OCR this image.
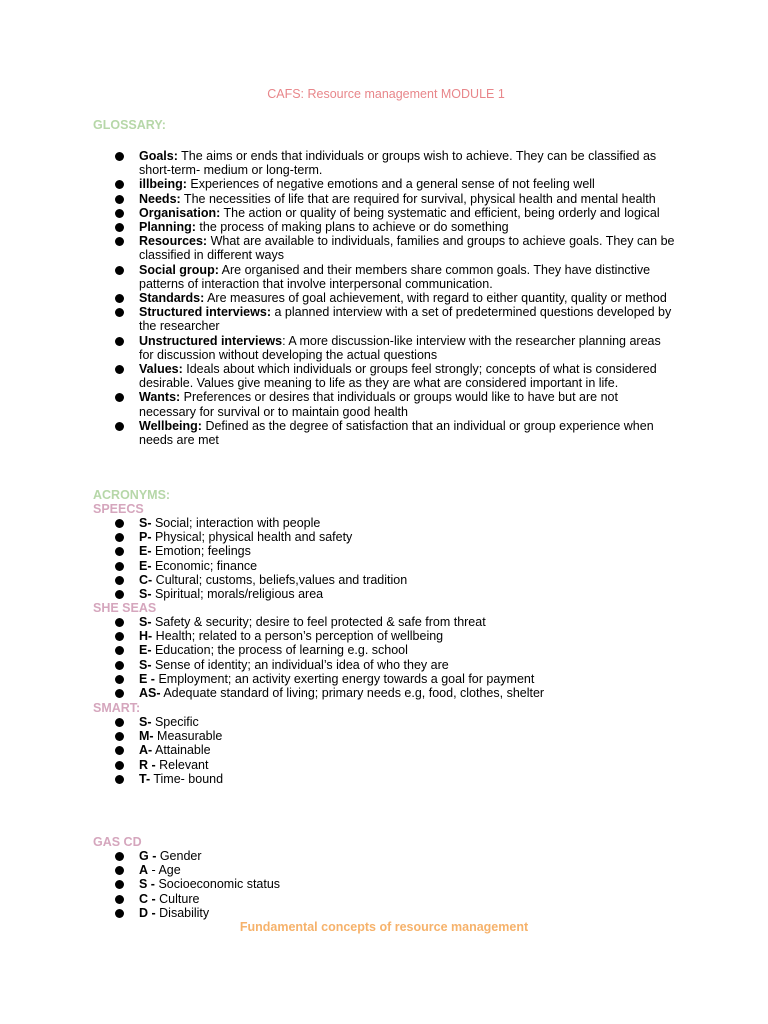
CAFS: Resource management MODULE 1
GLOSSARY:
Goals: The aims or ends that individuals or groups wish to achieve. They can be classified as short-term- medium or long-term.
illbeing: Experiences of negative emotions and a general sense of not feeling well
Needs: The necessities of life that are required for survival, physical health and mental health
Organisation: The action or quality of being systematic and efficient, being orderly and logical
Planning: the process of making plans to achieve or do something
Resources: What are available to individuals, families and groups to achieve goals. They can be classified in different ways
Social group: Are organised and their members share common goals. They have distinctive patterns of interaction that involve interpersonal communication.
Standards: Are measures of goal achievement, with regard to either quantity, quality or method
Structured interviews: a planned interview with a set of predetermined questions developed by the researcher
Unstructured interviews: A more discussion-like interview with the researcher planning areas for discussion without developing the actual questions
Values: Ideals about which individuals or groups feel strongly; concepts of what is considered desirable. Values give meaning to life as they are what are considered important in life.
Wants: Preferences or desires that individuals or groups would like to have but are not necessary for survival or to maintain good health
Wellbeing: Defined as the degree of satisfaction that an individual or group experience when needs are met
ACRONYMS:
SPEECS
S- Social; interaction with people
P- Physical; physical health and safety
E- Emotion; feelings
E- Economic; finance
C- Cultural; customs, beliefs,values and tradition
S- Spiritual; morals/religious area
SHE SEAS
S- Safety & security; desire to feel protected & safe from threat
H- Health; related to a person’s perception of wellbeing
E- Education; the process of learning e.g. school
S- Sense of identity; an individual’s idea of who they are
E - Employment; an activity exerting energy towards a goal for payment
AS- Adequate standard of living; primary needs e.g, food, clothes, shelter
SMART:
S- Specific
M- Measurable
A- Attainable
R - Relevant
T- Time- bound
GAS CD
G - Gender
A - Age
S - Socioeconomic status
C - Culture
D - Disability
Fundamental concepts of resource management
